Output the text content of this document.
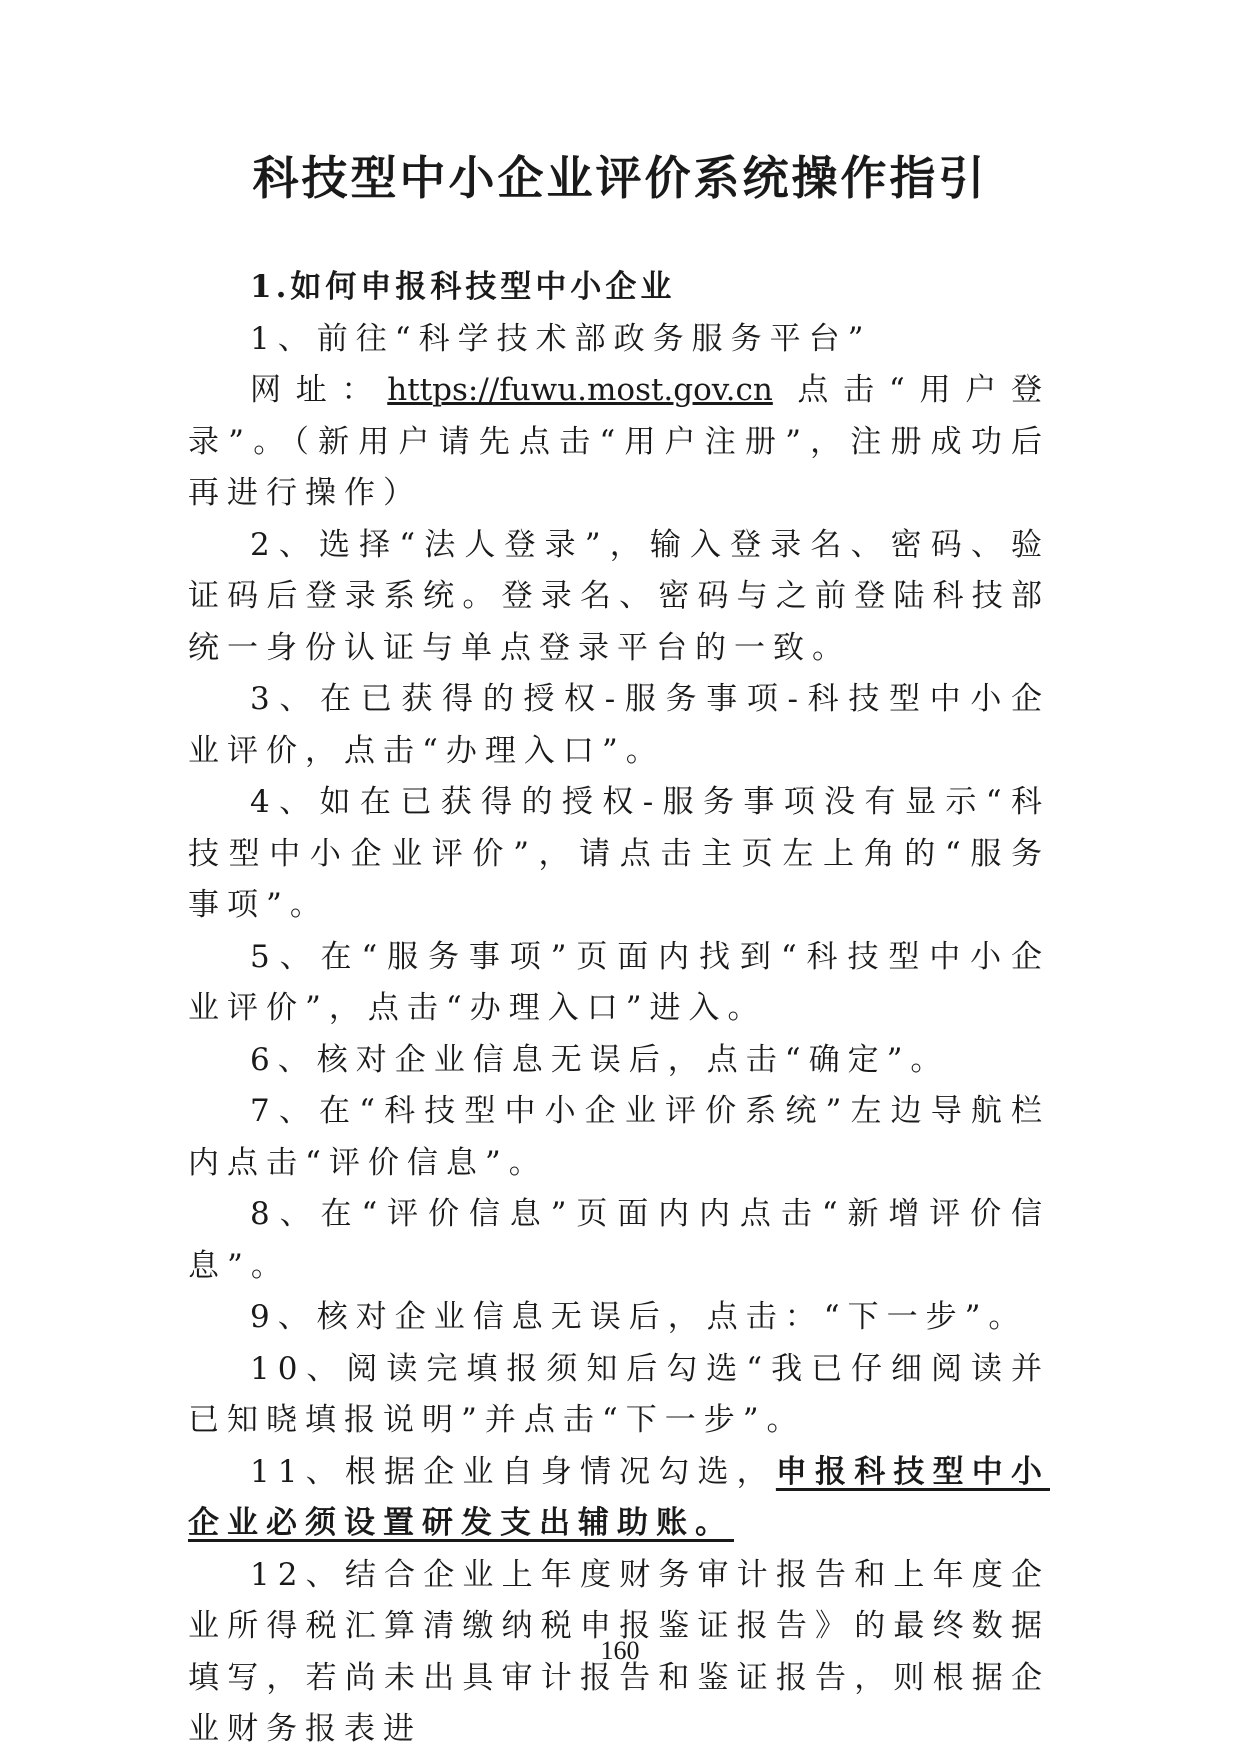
科技型中小企业评价系统操作指引

1.如何申报科技型中小企业

1、前往“科学技术部政务服务平台”

网址：https://fuwu.most.gov.cn 点击“用户登录”。（新用户请先点击“用户注册”，注册成功后再进行操作）

2、选择“法人登录”，输入登录名、密码、验证码后登录系统。登录名、密码与之前登陆科技部统一身份认证与单点登录平台的一致。

3、在已获得的授权-服务事项-科技型中小企业评价，点击“办理入口”。

4、如在已获得的授权-服务事项没有显示“科技型中小企业评价”，请点击主页左上角的“服务事项”。

5、在“服务事项”页面内找到“科技型中小企业评价”，点击“办理入口”进入。

6、核对企业信息无误后，点击“确定”。

7、在“科技型中小企业评价系统”左边导航栏内点击“评价信息”。

8、在“评价信息”页面内内点击“新增评价信息”。

9、核对企业信息无误后，点击：“下一步”。

10、阅读完填报须知后勾选“我已仔细阅读并已知晓填报说明”并点击“下一步”。

11、根据企业自身情况勾选，申报科技型中小企业必须设置研发支出辅助账。

12、结合企业上年度财务审计报告和上年度企业所得税汇算清缴纳税申报鉴证报告》的最终数据填写，若尚未出具审计报告和鉴证报告，则根据企业财务报表进

160
